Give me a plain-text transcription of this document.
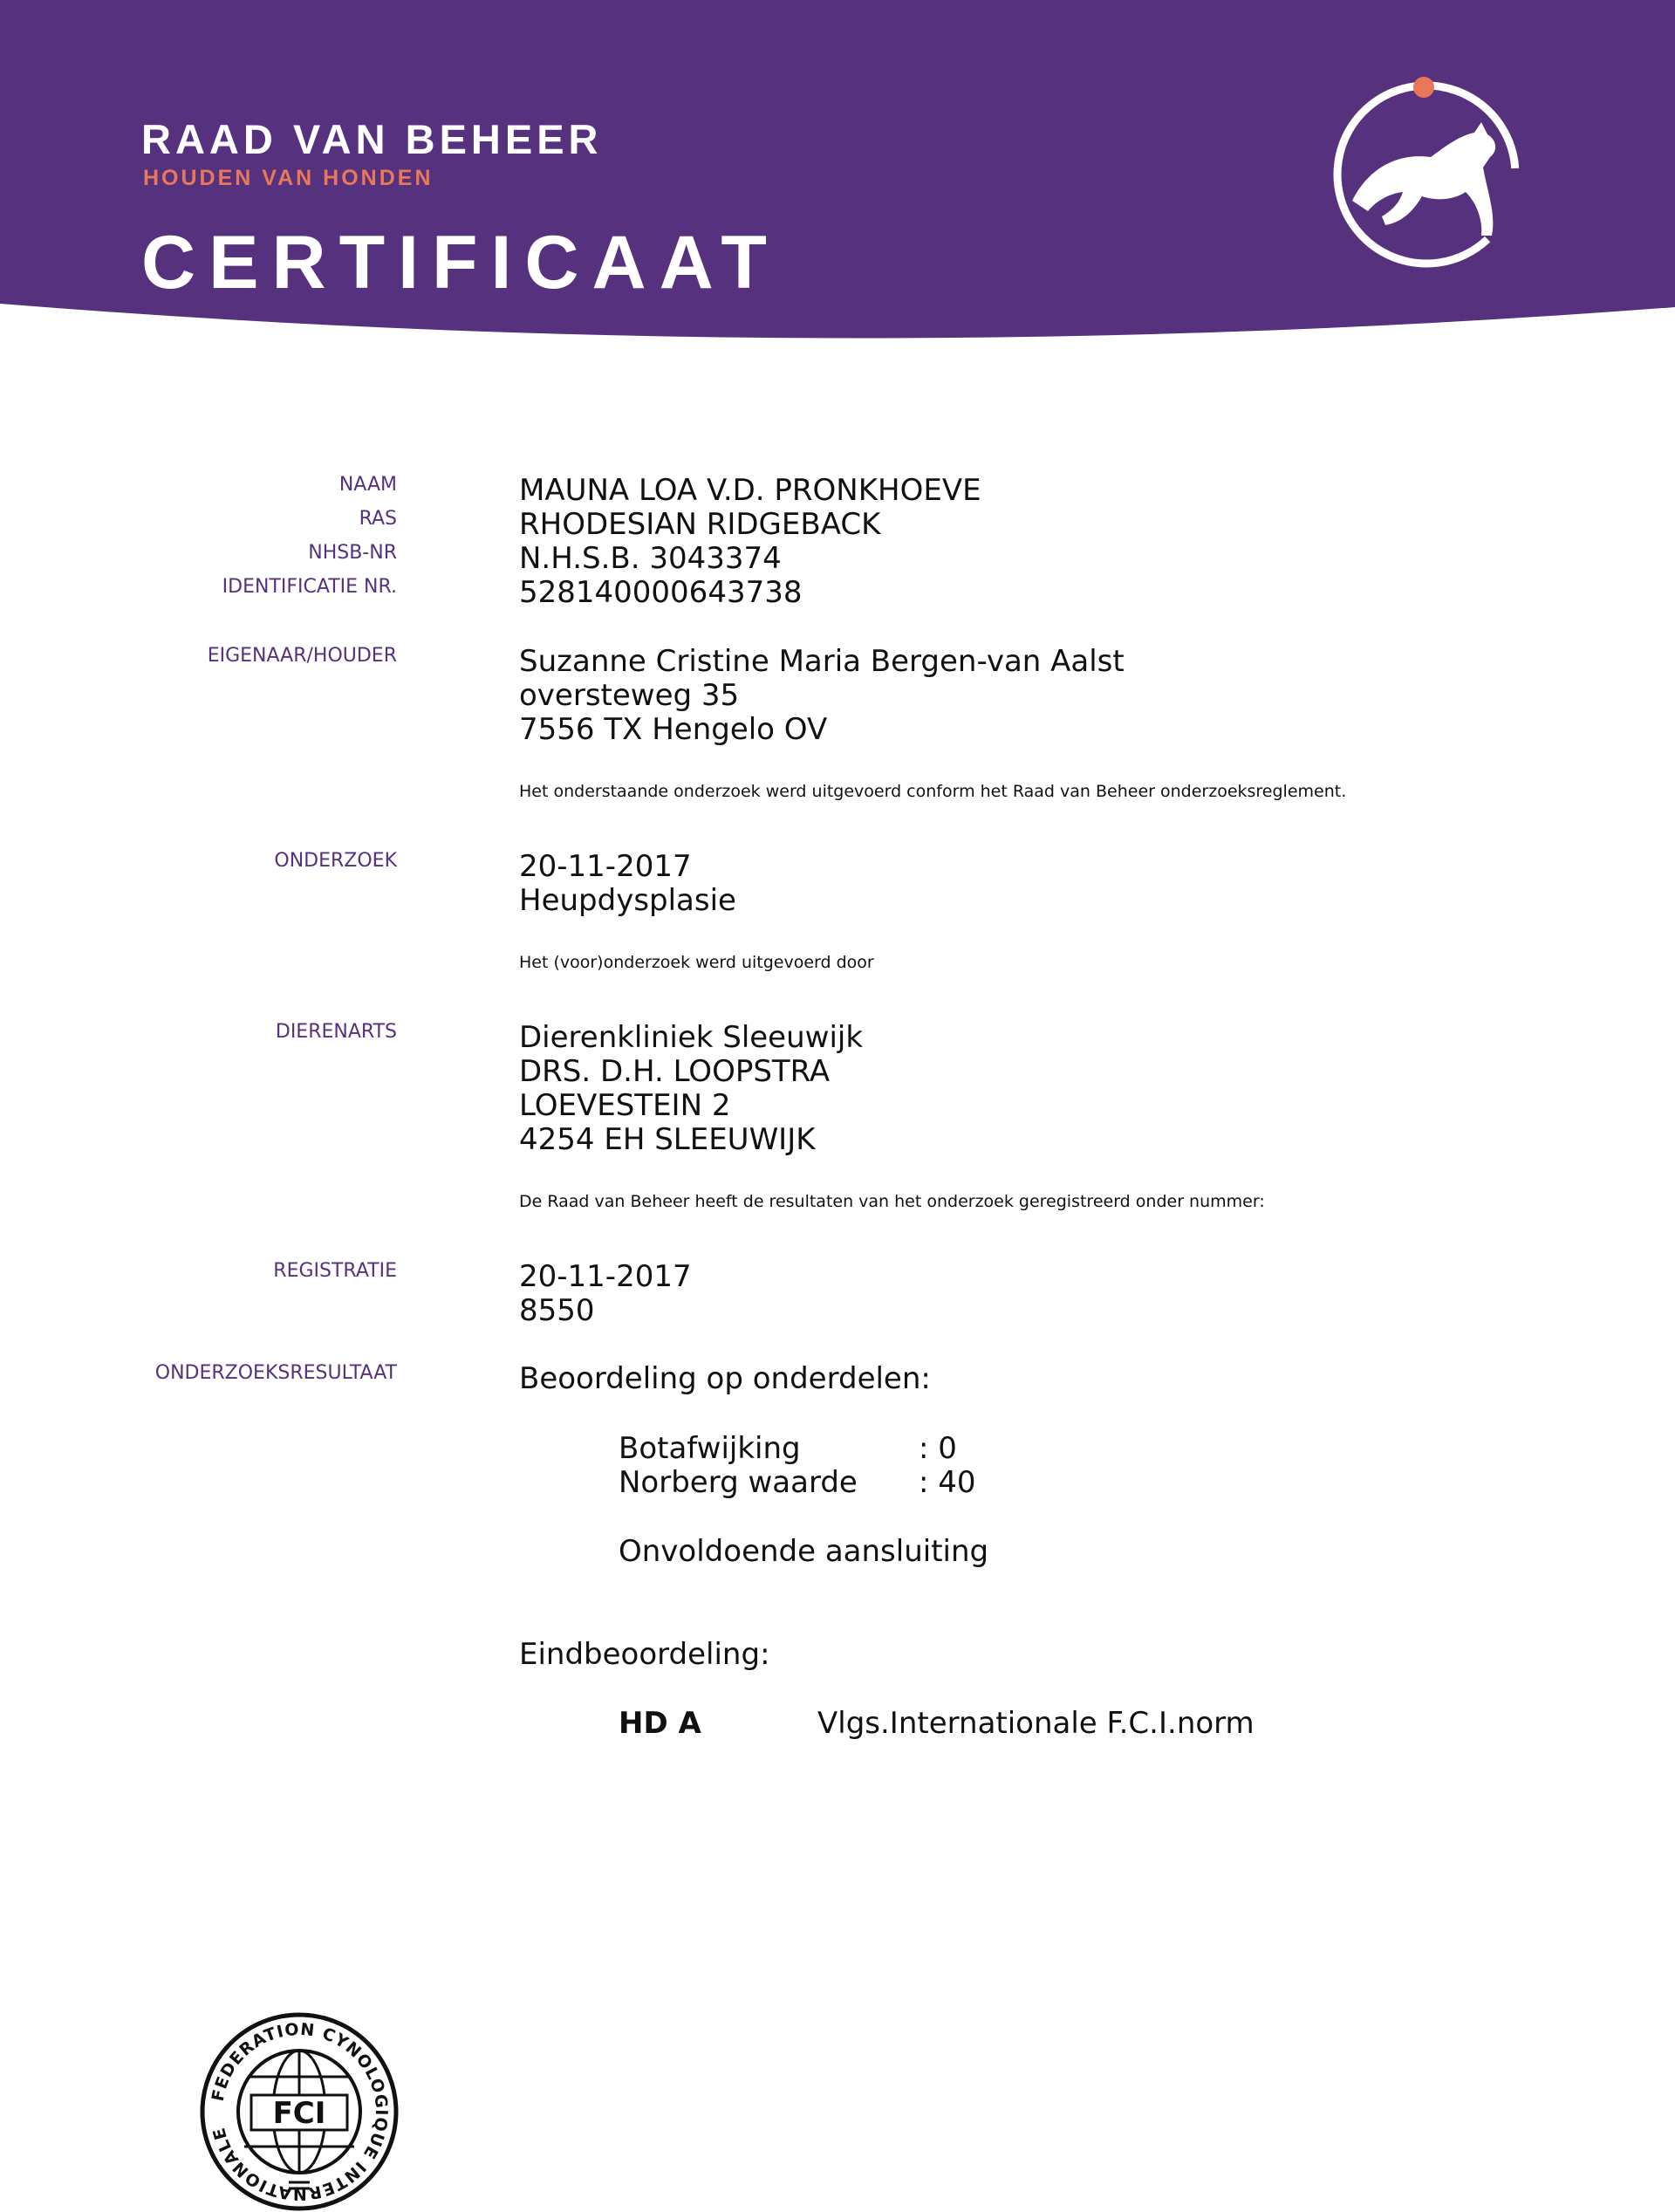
RAAD VAN BEHEER
HOUDEN VAN HONDEN
CERTIFICAAT
NAAM	MAUNA LOA V.D. PRONKHOEVE
RAS	RHODESIAN RIDGEBACK
NHSB-NR	N.H.S.B. 3043374
IDENTIFICATIE NR.	528140000643738
EIGENAAR/HOUDER	Suzanne Cristine Maria Bergen-van Aalst
oversteweg 35
7556 TX Hengelo OV
Het onderstaande onderzoek werd uitgevoerd conform het Raad van Beheer onderzoeksreglement.
ONDERZOEK	20-11-2017
Heupdysplasie
Het (voor)onderzoek werd uitgevoerd door
DIERENARTS	Dierenkliniek Sleeuwijk
DRS. D.H. LOOPSTRA
LOEVESTEIN 2
4254 EH SLEEUWIJK
De Raad van Beheer heeft de resultaten van het onderzoek geregistreerd onder nummer:
REGISTRATIE	20-11-2017
8550
ONDERZOEKSRESULTAAT	Beoordeling op onderdelen:
Botafwijking	: 0
Norberg waarde : 40
Onvoldoende aansluiting
Eindbeoordeling:
HD A	Vlgs.Internationale F.C.I.norm
FEDERATION CYNOLOGIQUE INTERNATIONALE
FCI
